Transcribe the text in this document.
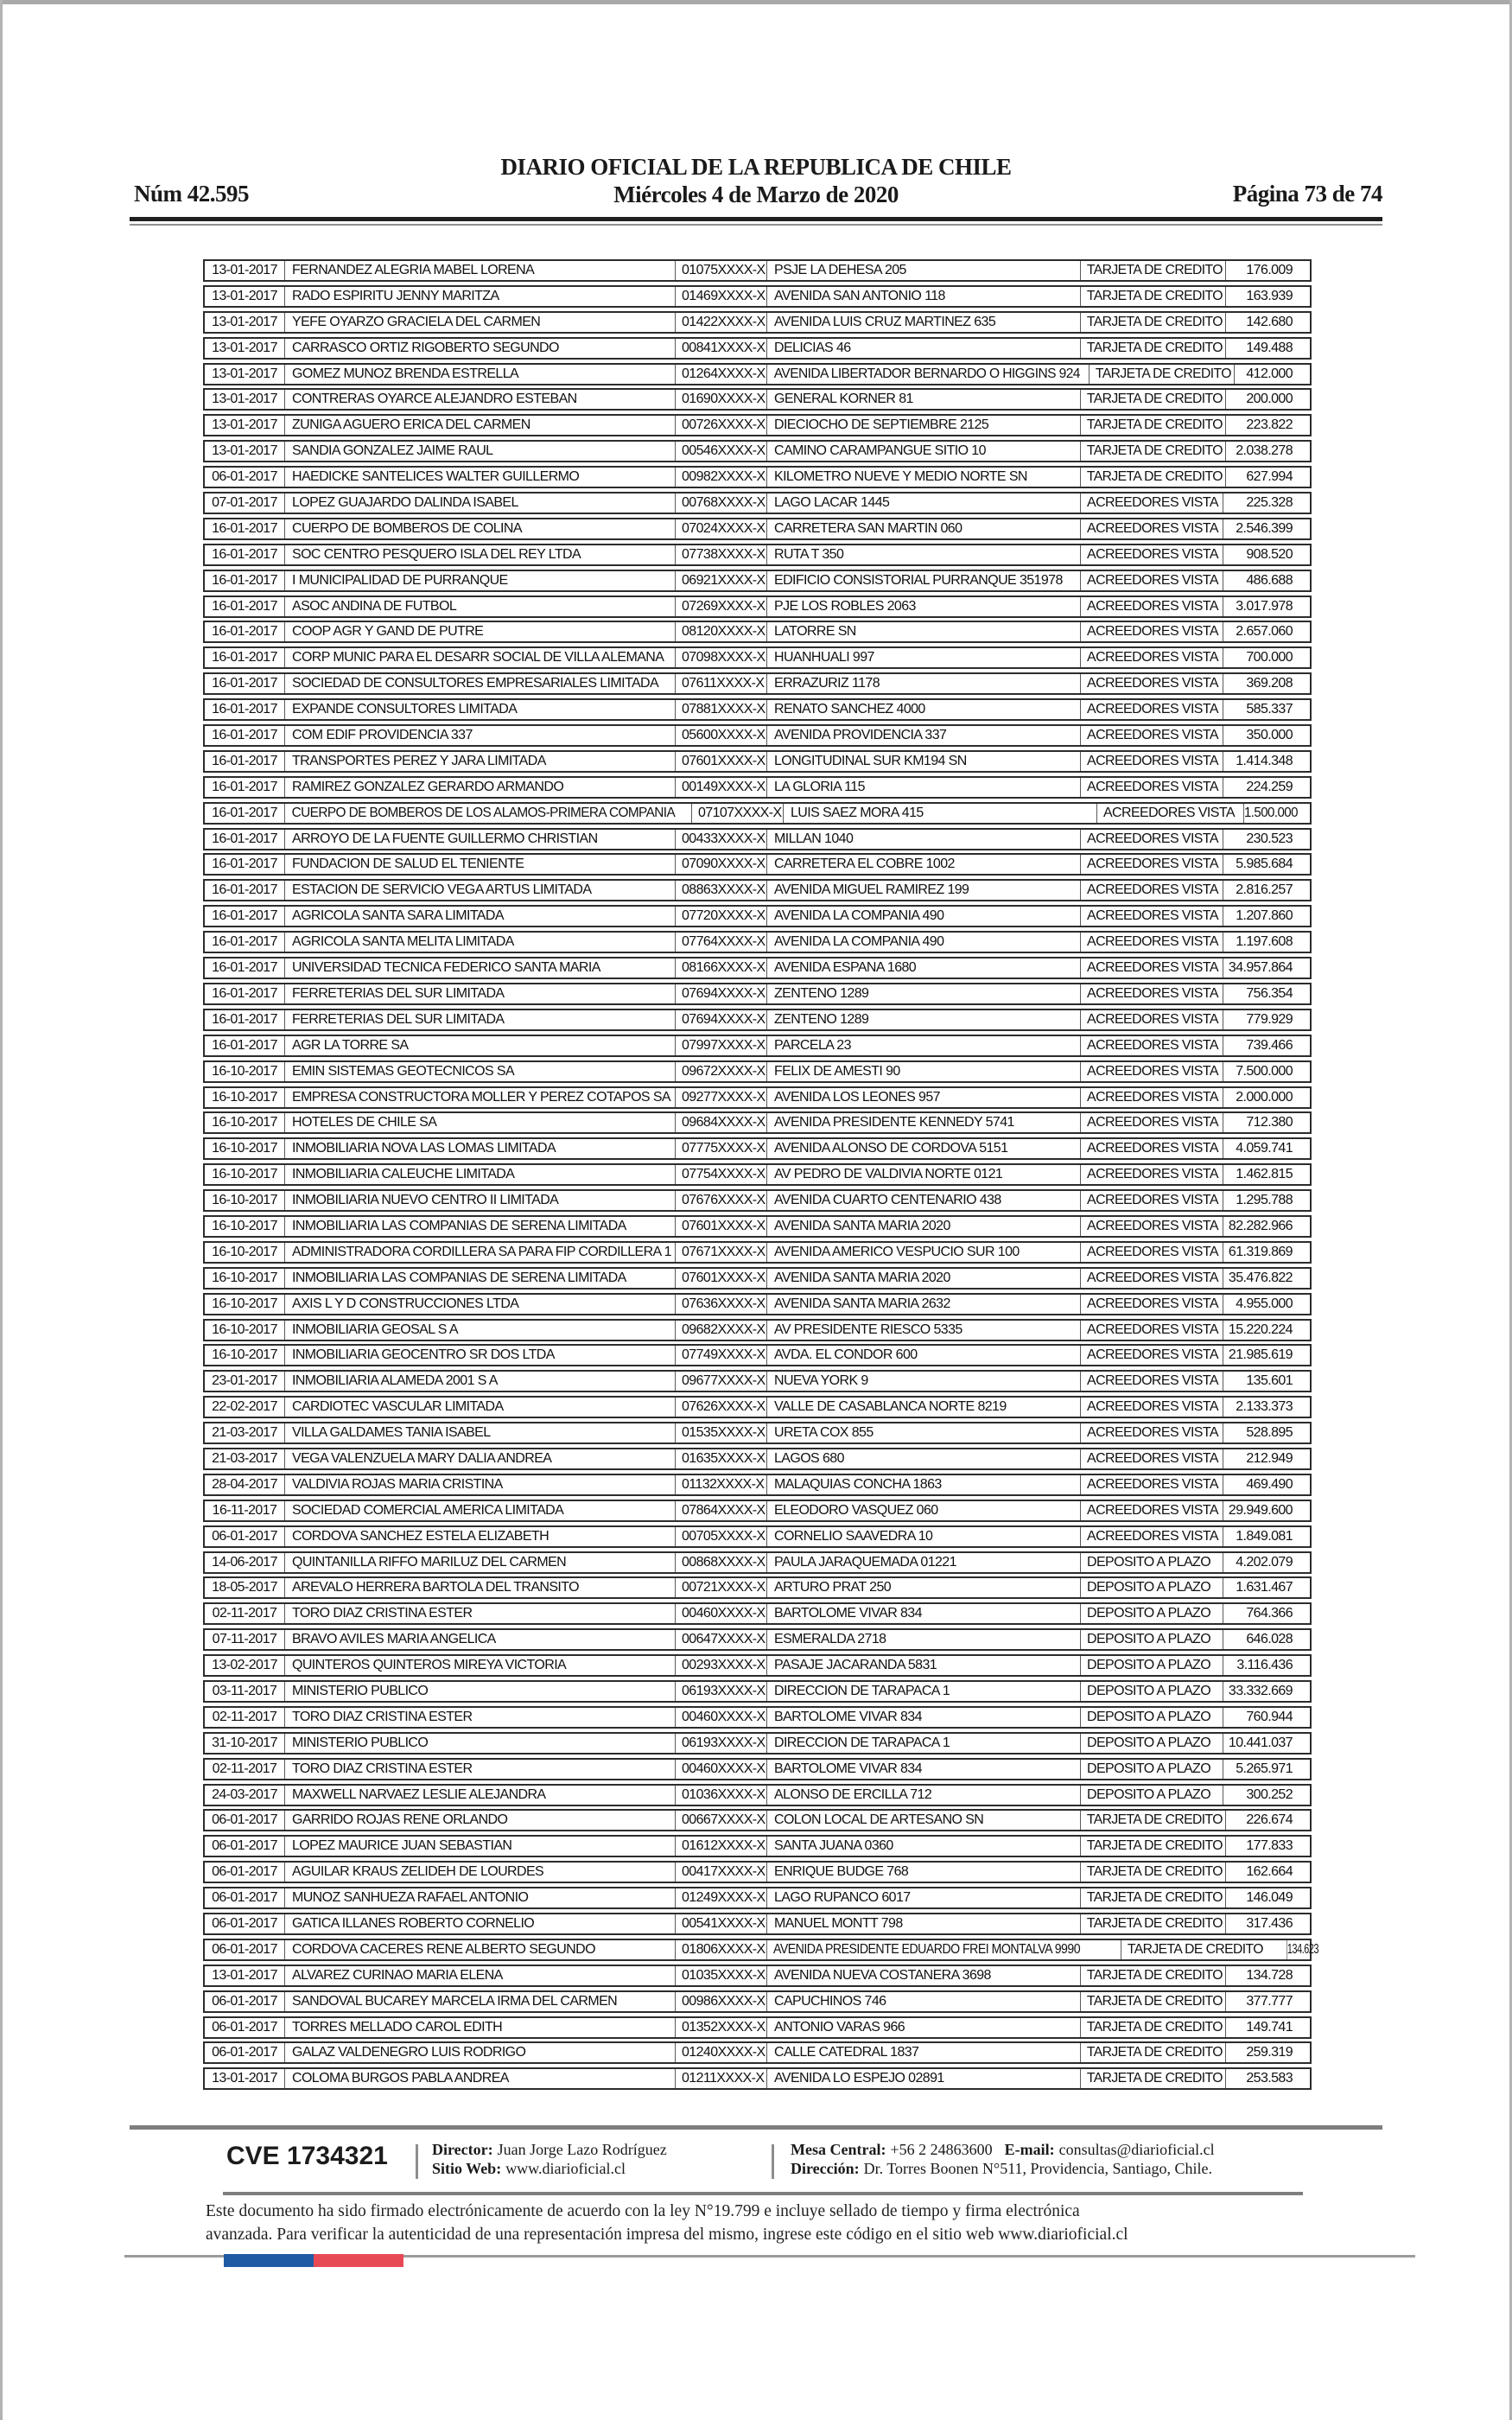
Núm 42.595
DIARIO OFICIAL DE LA REPUBLICA DE CHILE
Miércoles 4 de Marzo de 2020	Página 73 de 74
13-01-2017	FERNANDEZ ALEGRIA MABEL LORENA	01075XXXX-X PSJE LA DEHESA 205	TARJETA DE CREDITO	176.009
13-01-2017	RADO ESPIRITU JENNY MARITZA	01469XXXX-X AVENIDA SAN ANTONIO 118	TARJETA DE CREDITO	163.939
13-01-2017	YEFE OYARZO GRACIELA DEL CARMEN	01422XXXX-X AVENIDA LUIS CRUZ MARTINEZ 635	TARJETA DE CREDITO	142.680
13-01-2017	CARRASCO ORTIZ RIGOBERTO SEGUNDO	00841XXXX-X DELICIAS 46	TARJETA DE CREDITO	149.488
13-01-2017	GOMEZ MUNOZ BRENDA ESTRELLA	01264XXXX-X AVENIDA LIBERTADOR BERNARDO O HIGGINS 924	TARJETA DE CREDITO	412.000
13-01-2017	CONTRERAS OYARCE ALEJANDRO ESTEBAN	01690XXXX-X GENERAL KORNER 81	TARJETA DE CREDITO	200.000
13-01-2017	ZUNIGA AGUERO ERICA DEL CARMEN	00726XXXX-X DIECIOCHO DE SEPTIEMBRE 2125	TARJETA DE CREDITO	223.822
13-01-2017	SANDIA GONZALEZ JAIME RAUL	00546XXXX-X CAMINO CARAMPANGUE SITIO 10	TARJETA DE CREDITO 2.038.278
06-01-2017	HAEDICKE SANTELICES WALTER GUILLERMO	00982XXXX-X KILOMETRO NUEVE Y MEDIO NORTE SN	TARJETA DE CREDITO	627.994
07-01-2017	LOPEZ GUAJARDO DALINDA ISABEL	00768XXXX-X LAGO LACAR 1445	ACREEDORES VISTA	225.328
16-01-2017	CUERPO DE BOMBEROS DE COLINA	07024XXXX-X CARRETERA SAN MARTIN 060	ACREEDORES VISTA	2.546.399
16-01-2017	SOC CENTRO PESQUERO ISLA DEL REY LTDA	07738XXXX-X RUTA T 350	ACREEDORES VISTA	908.520
16-01-2017	I MUNICIPALIDAD DE PURRANQUE	06921XXXX-X EDIFICIO CONSISTORIAL PURRANQUE 351978	ACREEDORES VISTA	486.688
16-01-2017	ASOC ANDINA DE FUTBOL	07269XXXX-X PJE LOS ROBLES 2063	ACREEDORES VISTA	3.017.978
16-01-2017	COOP AGR Y GAND DE PUTRE	08120XXXX-X LATORRE SN	ACREEDORES VISTA	2.657.060
16-01-2017	CORP MUNIC PARA EL DESARR SOCIAL DE VILLA ALEMANA	07098XXXX-X HUANHUALI 997	ACREEDORES VISTA	700.000
16-01-2017	SOCIEDAD DE CONSULTORES EMPRESARIALES LIMITADA	07611XXXX-X ERRAZURIZ 1178	ACREEDORES VISTA	369.208
16-01-2017	EXPANDE CONSULTORES LIMITADA	07881XXXX-X RENATO SANCHEZ 4000	ACREEDORES VISTA	585.337
16-01-2017	COM EDIF PROVIDENCIA 337	05600XXXX-X AVENIDA PROVIDENCIA 337	ACREEDORES VISTA	350.000
16-01-2017	TRANSPORTES PEREZ Y JARA LIMITADA	07601XXXX-X LONGITUDINAL SUR KM194 SN	ACREEDORES VISTA	1.414.348
16-01-2017	RAMIREZ GONZALEZ GERARDO ARMANDO	00149XXXX-X LA GLORIA 115	ACREEDORES VISTA	224.259
16-01-2017	CUERPO DE BOMBEROS DE LOS ALAMOS-PRIMERA COMPANIA	07107XXXX-X LUIS SAEZ MORA 415	ACREEDORES VISTA 1.500.000
16-01-2017	ARROYO DE LA FUENTE GUILLERMO CHRISTIAN	00433XXXX-X MILLAN 1040	ACREEDORES VISTA	230.523
16-01-2017	FUNDACION DE SALUD EL TENIENTE	07090XXXX-X CARRETERA EL COBRE 1002	ACREEDORES VISTA	5.985.684
16-01-2017	ESTACION DE SERVICIO VEGA ARTUS LIMITADA	08863XXXX-X AVENIDA MIGUEL RAMIREZ 199	ACREEDORES VISTA	2.816.257
16-01-2017	AGRICOLA SANTA SARA LIMITADA	07720XXXX-X AVENIDA LA COMPANIA 490	ACREEDORES VISTA	1.207.860
16-01-2017	AGRICOLA SANTA MELITA LIMITADA	07764XXXX-X AVENIDA LA COMPANIA 490	ACREEDORES VISTA	1.197.608
16-01-2017	UNIVERSIDAD TECNICA FEDERICO SANTA MARIA	08166XXXX-X AVENIDA ESPANA 1680	ACREEDORES VISTA 34.957.864
16-01-2017	FERRETERIAS DEL SUR LIMITADA	07694XXXX-X ZENTENO 1289	ACREEDORES VISTA	756.354
16-01-2017	FERRETERIAS DEL SUR LIMITADA	07694XXXX-X ZENTENO 1289	ACREEDORES VISTA	779.929
16-01-2017	AGR LA TORRE SA	07997XXXX-X PARCELA 23	ACREEDORES VISTA	739.466
16-10-2017	EMIN SISTEMAS GEOTECNICOS SA	09672XXXX-X FELIX DE AMESTI 90	ACREEDORES VISTA	7.500.000
16-10-2017	EMPRESA CONSTRUCTORA MOLLER Y PEREZ COTAPOS SA 09277XXXX-X AVENIDA LOS LEONES 957	ACREEDORES VISTA	2.000.000
16-10-2017	HOTELES DE CHILE SA	09684XXXX-X AVENIDA PRESIDENTE KENNEDY 5741	ACREEDORES VISTA	712.380
16-10-2017	INMOBILIARIA NOVA LAS LOMAS LIMITADA	07775XXXX-X AVENIDA ALONSO DE CORDOVA 5151	ACREEDORES VISTA	4.059.741
16-10-2017	INMOBILIARIA CALEUCHE LIMITADA	07754XXXX-X AV PEDRO DE VALDIVIA NORTE 0121	ACREEDORES VISTA	1.462.815
16-10-2017	INMOBILIARIA NUEVO CENTRO II LIMITADA	07676XXXX-X AVENIDA CUARTO CENTENARIO 438	ACREEDORES VISTA	1.295.788
16-10-2017	INMOBILIARIA LAS COMPANIAS DE SERENA LIMITADA	07601XXXX-X AVENIDA SANTA MARIA 2020	ACREEDORES VISTA 82.282.966
16-10-2017	ADMINISTRADORA CORDILLERA SA PARA FIP CORDILLERA 1 07671XXXX-X AVENIDA AMERICO VESPUCIO SUR 100	ACREEDORES VISTA 61.319.869
16-10-2017	INMOBILIARIA LAS COMPANIAS DE SERENA LIMITADA	07601XXXX-X AVENIDA SANTA MARIA 2020	ACREEDORES VISTA 35.476.822
16-10-2017	AXIS L Y D CONSTRUCCIONES LTDA	07636XXXX-X AVENIDA SANTA MARIA 2632	ACREEDORES VISTA	4.955.000
16-10-2017	INMOBILIARIA GEOSAL S A	09682XXXX-X AV PRESIDENTE RIESCO 5335	ACREEDORES VISTA 15.220.224
16-10-2017	INMOBILIARIA GEOCENTRO SR DOS LTDA	07749XXXX-X AVDA. EL CONDOR 600	ACREEDORES VISTA 21.985.619
23-01-2017	INMOBILIARIA ALAMEDA 2001 S A	09677XXXX-X NUEVA YORK 9	ACREEDORES VISTA	135.601
22-02-2017	CARDIOTEC VASCULAR LIMITADA	07626XXXX-X VALLE DE CASABLANCA NORTE 8219	ACREEDORES VISTA	2.133.373
21-03-2017	VILLA GALDAMES TANIA ISABEL	01535XXXX-X URETA COX 855	ACREEDORES VISTA	528.895
21-03-2017	VEGA VALENZUELA MARY DALIA ANDREA	01635XXXX-X LAGOS 680	ACREEDORES VISTA	212.949
28-04-2017	VALDIVIA ROJAS MARIA CRISTINA	01132XXXX-X MALAQUIAS CONCHA 1863	ACREEDORES VISTA	469.490
16-11-2017	SOCIEDAD COMERCIAL AMERICA LIMITADA	07864XXXX-X ELEODORO VASQUEZ 060	ACREEDORES VISTA 29.949.600
06-01-2017	CORDOVA SANCHEZ ESTELA ELIZABETH	00705XXXX-X CORNELIO SAAVEDRA 10	ACREEDORES VISTA	1.849.081
14-06-2017	QUINTANILLA RIFFO MARILUZ DEL CARMEN	00868XXXX-X PAULA JARAQUEMADA 01221	DEPOSITO A PLAZO	4.202.079
18-05-2017	AREVALO HERRERA BARTOLA DEL TRANSITO	00721XXXX-X ARTURO PRAT 250	DEPOSITO A PLAZO	1.631.467
02-11-2017	TORO DIAZ CRISTINA ESTER	00460XXXX-X BARTOLOME VIVAR 834	DEPOSITO A PLAZO	764.366
07-11-2017	BRAVO AVILES MARIA ANGELICA	00647XXXX-X ESMERALDA 2718	DEPOSITO A PLAZO	646.028
13-02-2017	QUINTEROS QUINTEROS MIREYA VICTORIA	00293XXXX-X PASAJE JACARANDA 5831	DEPOSITO A PLAZO	3.116.436
03-11-2017	MINISTERIO PUBLICO	06193XXXX-X DIRECCION DE TARAPACA 1	DEPOSITO A PLAZO	33.332.669
02-11-2017	TORO DIAZ CRISTINA ESTER	00460XXXX-X BARTOLOME VIVAR 834	DEPOSITO A PLAZO	760.944
31-10-2017	MINISTERIO PUBLICO	06193XXXX-X DIRECCION DE TARAPACA 1	DEPOSITO A PLAZO	10.441.037
02-11-2017	TORO DIAZ CRISTINA ESTER	00460XXXX-X BARTOLOME VIVAR 834	DEPOSITO A PLAZO	5.265.971
24-03-2017	MAXWELL NARVAEZ LESLIE ALEJANDRA	01036XXXX-X ALONSO DE ERCILLA 712	DEPOSITO A PLAZO	300.252
06-01-2017	GARRIDO ROJAS RENE ORLANDO	00667XXXX-X COLON LOCAL DE ARTESANO SN	TARJETA DE CREDITO	226.674
06-01-2017	LOPEZ MAURICE JUAN SEBASTIAN	01612XXXX-X SANTA JUANA 0360	TARJETA DE CREDITO	177.833
06-01-2017	AGUILAR KRAUS ZELIDEH DE LOURDES	00417XXXX-X ENRIQUE BUDGE 768	TARJETA DE CREDITO	162.664
06-01-2017	MUNOZ SANHUEZA RAFAEL ANTONIO	01249XXXX-X LAGO RUPANCO 6017	TARJETA DE CREDITO	146.049
06-01-2017	GATICA ILLANES ROBERTO CORNELIO	00541XXXX-X MANUEL MONTT 798	TARJETA DE CREDITO	317.436
06-01-2017	CORDOVA CACERES RENE ALBERTO SEGUNDO	01806XXXX-X AVENIDA PRESIDENTE EDUARDO FREI MONTALVA 9990	TARJETA DE CREDITO 134.623
13-01-2017	ALVAREZ CURINAO MARIA ELENA	01035XXXX-X AVENIDA NUEVA COSTANERA 3698	TARJETA DE CREDITO	134.728
06-01-2017	SANDOVAL BUCAREY MARCELA IRMA DEL CARMEN	00986XXXX-X CAPUCHINOS 746	TARJETA DE CREDITO	377.777
06-01-2017	TORRES MELLADO CAROL EDITH	01352XXXX-X ANTONIO VARAS 966	TARJETA DE CREDITO	149.741
06-01-2017	GALAZ VALDENEGRO LUIS RODRIGO	01240XXXX-X CALLE CATEDRAL 1837	TARJETA DE CREDITO	259.319
13-01-2017	COLOMA BURGOS PABLA ANDREA	01211XXXX-X AVENIDA LO ESPEJO 02891	TARJETA DE CREDITO	253.583
CVE 1734321	Director: Juan Jorge Lazo Rodríguez
Sitio Web: www.diarioficial.cl
Mesa Central: +56 2 24863600 E-mail: consultas@diarioficial.cl
Dirección: Dr. Torres Boonen N°511, Providencia, Santiago, Chile.
Este documento ha sido firmado electrónicamente de acuerdo con la ley N°19.799 e incluye sellado de tiempo y firma electrónica
avanzada. Para verificar la autenticidad de una representación impresa del mismo, ingrese este código en el sitio web www.diarioficial.cl
